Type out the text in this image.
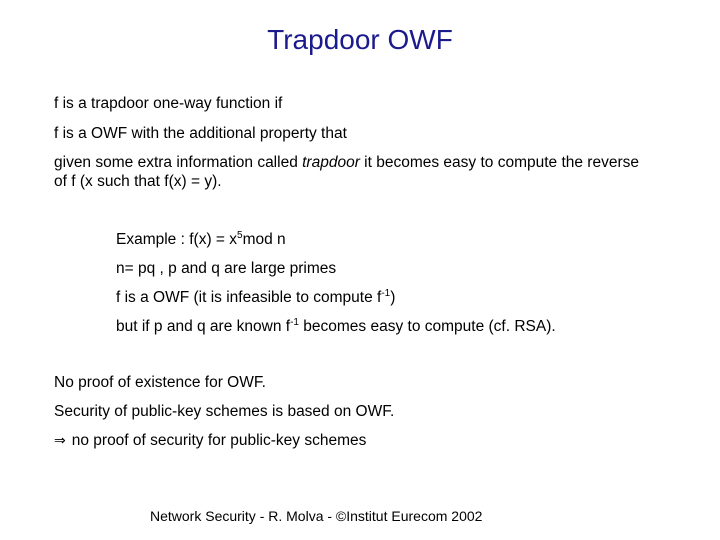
Trapdoor OWF

f is a trapdoor one-way function if

f is a OWF with the additional property that

given some extra information called trapdoor it becomes easy to compute the reverse

of f (x such that f(x) = y).

Example : $f(x) = x^5mod$ n

n= pq , p and q are large primes

f is a OWF (it is infeasible to compute $f^{-1}$)

but if p and q are known $f^{-1}$ becomes easy to compute (cf. RSA).

No proof of existence for OWF.

Security of public-key schemes is based on OWF.

⇒ no proof of security for public-key schemes

Network Security - R. Molva - ©Institut Eurecom 2002
